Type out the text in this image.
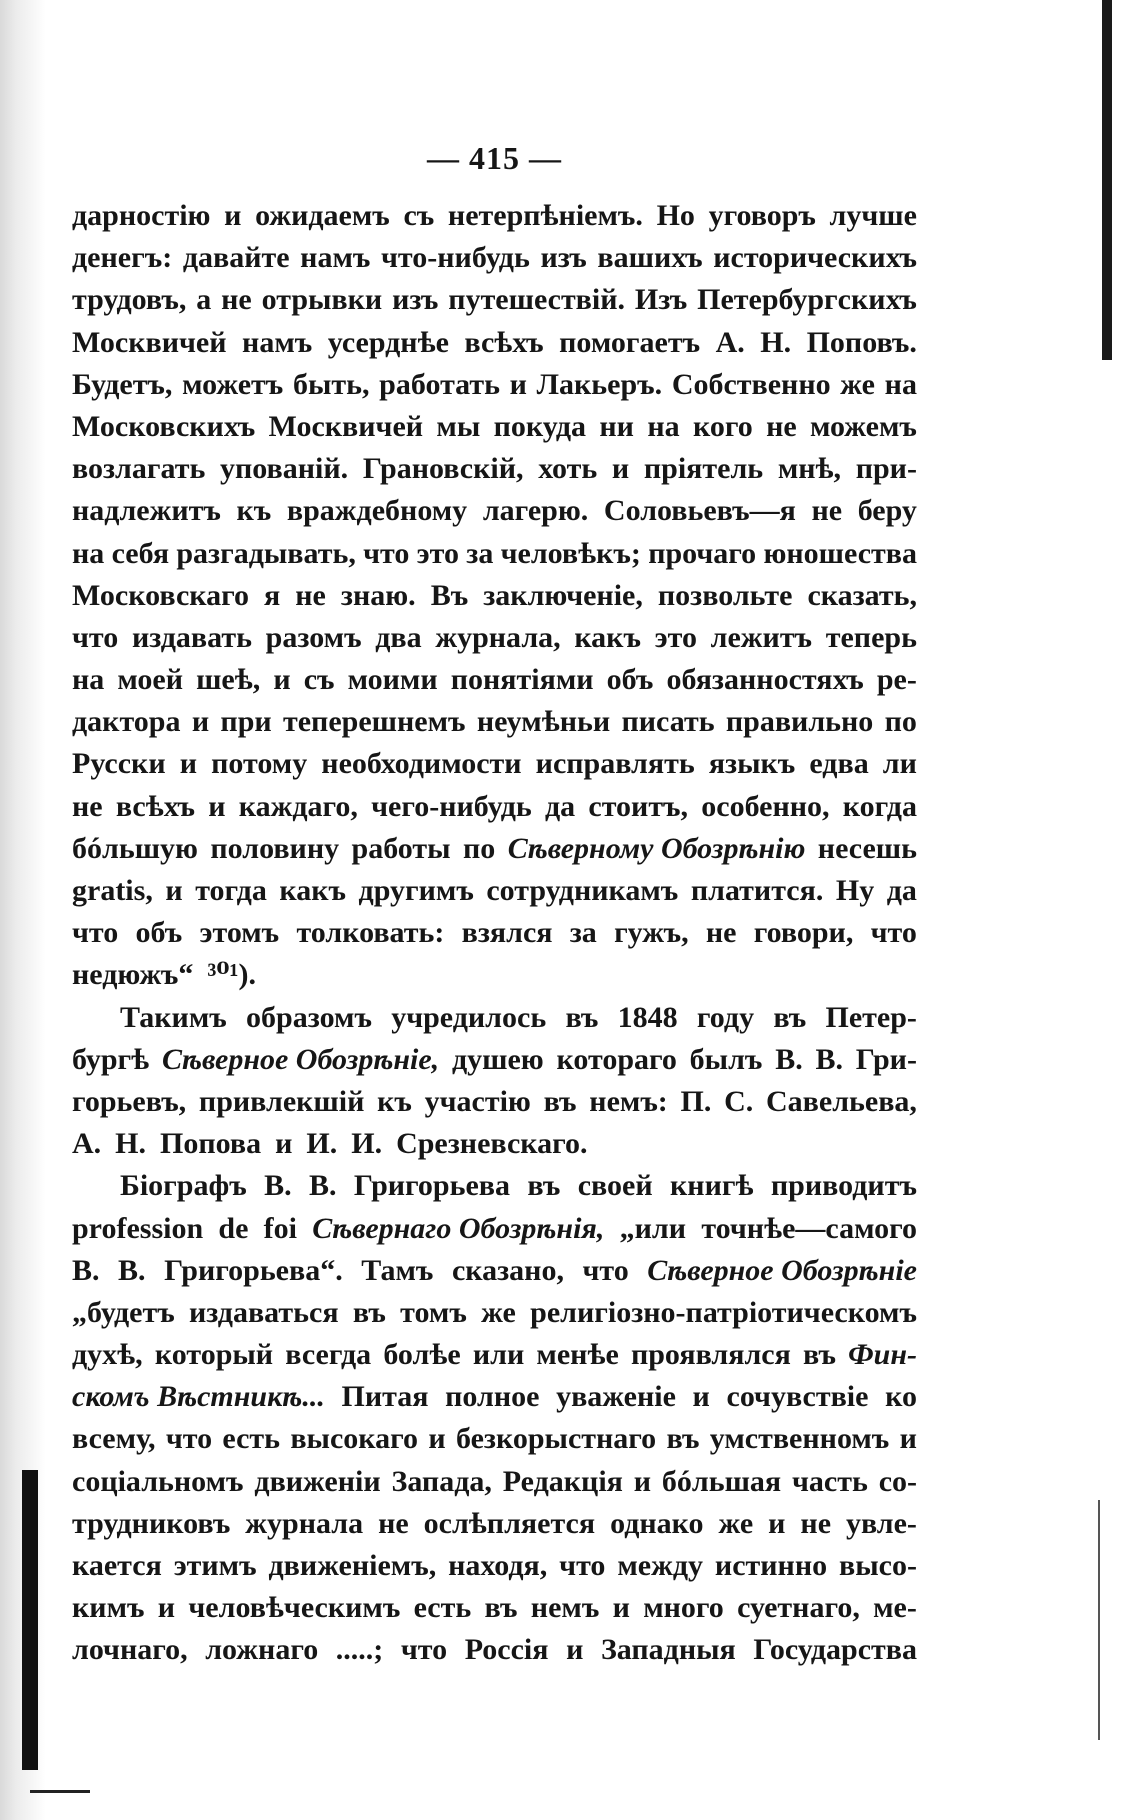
— 415 —
дарностію и ожидаемъ съ нетерпѣніемъ. Но уговоръ лучше
денегъ: давайте намъ что-нибудь изъ вашихъ историческихъ
трудовъ, а не отрывки изъ путешествій. Изъ Петербургскихъ
Москвичей намъ усерднѣе всѣхъ помогаетъ А. Н. Поповъ.
Будетъ, можетъ быть, работать и Лакьеръ. Собственно же на
Московскихъ Москвичей мы покуда ни на кого не можемъ
возлагать упованій. Грановскій, хоть и пріятель мнѣ, при-
надлежитъ къ враждебному лагерю. Соловьевъ—я не беру
на себя разгадывать, что это за человѣкъ; прочаго юношества
Московскаго я не знаю. Въ заключеніе, позвольте сказать,
что издавать разомъ два журнала, какъ это лежитъ теперь
на моей шеѣ, и съ моими понятіями объ обязанностяхъ ре-
дактора и при теперешнемъ неумѣньи писать правильно по
Русски и потому необходимости исправлять языкъ едва ли
не всѣхъ и каждаго, чего-нибудь да стоитъ, особенно, когда
бóльшую половину работы по Сѣверному Обозрѣнію несешь
gratis, и тогда какъ другимъ сотрудникамъ платится. Ну да
что объ этомъ толковать: взялся за гужъ, не говори, что
недюжъ“ ³⁰¹).
Такимъ образомъ учредилось въ 1848 году въ Петер-
бургѣ Сѣверное Обозрѣніе, душею котораго былъ В. В. Гри-
горьевъ, привлекшій къ участію въ немъ: П. С. Савельева,
А. Н. Попова и И. И. Срезневскаго.
Біографъ В. В. Григорьева въ своей книгѣ приводитъ
profession de foi Сѣвернаго Обозрѣнія, „или точнѣе—самого
В. В. Григорьева“. Тамъ сказано, что Сѣверное Обозрѣніе
„будетъ издаваться въ томъ же религіозно-патріотическомъ
духѣ, который всегда болѣе или менѣе проявлялся въ Фин-
скомъ Вѣстникѣ... Питая полное уваженіе и сочувствіе ко
всему, что есть высокаго и безкорыстнаго въ умственномъ и
соціальномъ движеніи Запада, Редакція и бóльшая часть со-
трудниковъ журнала не ослѣпляется однако же и не увле-
кается этимъ движеніемъ, находя, что между истинно высо-
кимъ и человѣческимъ есть въ немъ и много суетнаго, ме-
лочнаго, ложнаго .....; что Россія и Западныя Государства
